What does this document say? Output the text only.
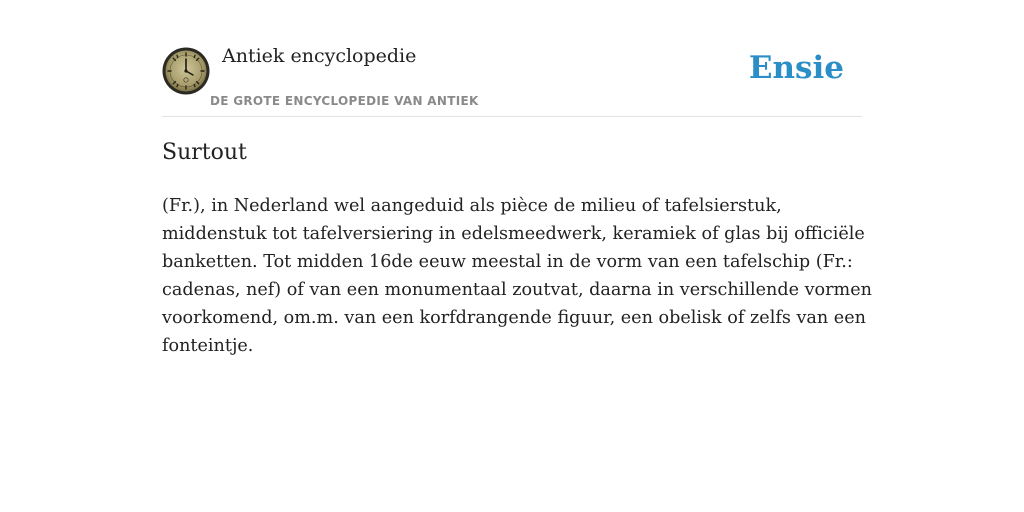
Antiek encyclopedie
DE GROTE ENCYCLOPEDIE VAN ANTIEK
Ensie
Surtout

(Fr.), in Nederland wel aangeduid als pièce de milieu of tafelsierstuk, middenstuk tot tafelversiering in edelsmeedwerk, keramiek of glas bij officiële banketten. Tot midden 16de eeuw meestal in de vorm van een tafelschip (Fr.: cadenas, nef) of van een monumentaal zoutvat, daarna in verschillende vormen voorkomend, om.m. van een korfdrangende figuur, een obelisk of zelfs van een fonteintje.
